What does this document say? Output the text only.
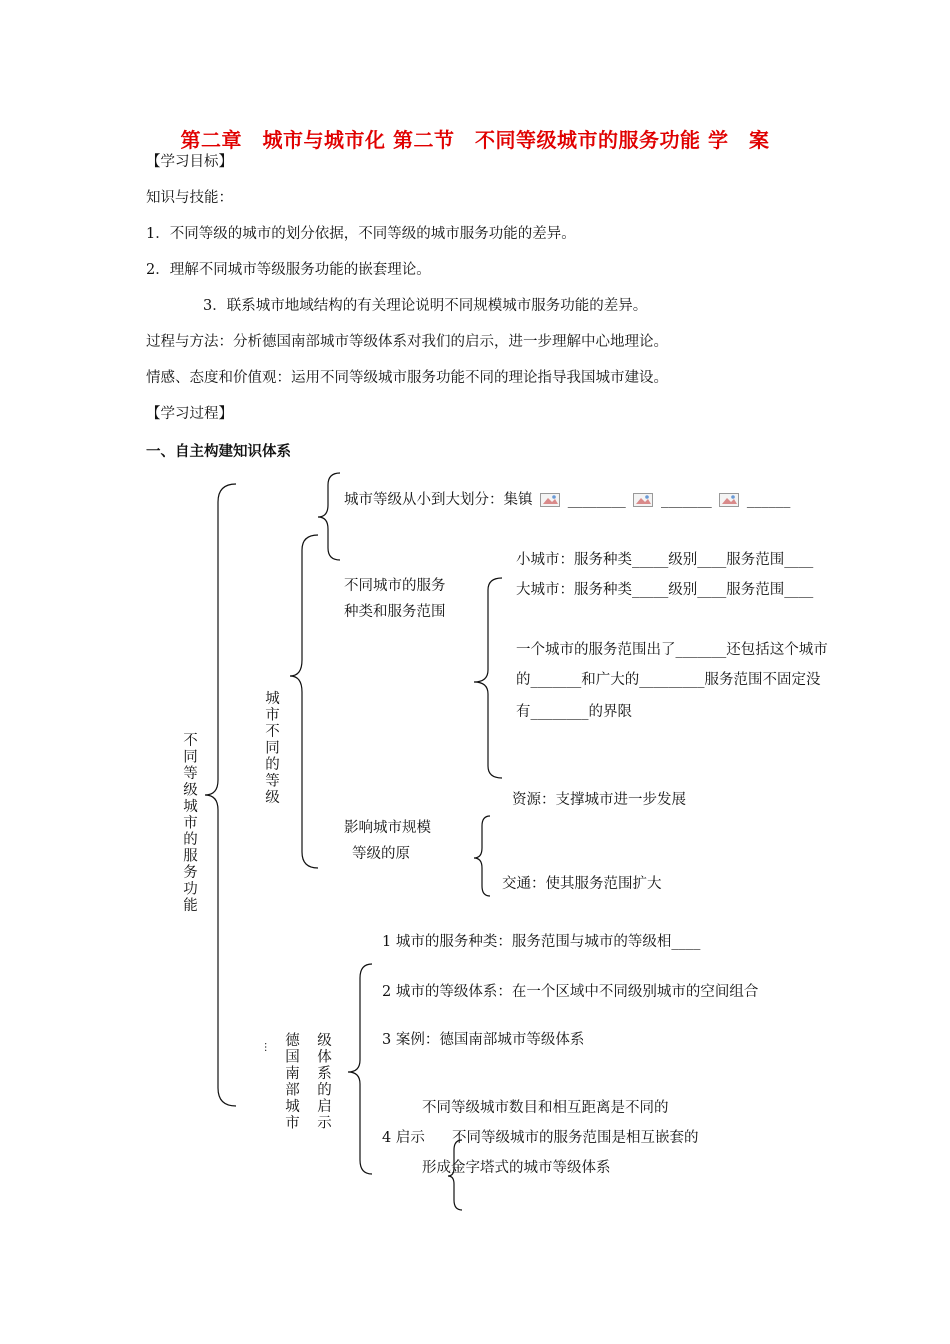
第二章　城市与城市化 第二节　不同等级城市的服务功能 学　案
【学习目标】
知识与技能：
1．不同等级的城市的划分依据，不同等级的城市服务功能的差异。
2．理解不同城市等级服务功能的嵌套理论。
3．联系城市地域结构的有关理论说明不同规模城市服务功能的差异。
过程与方法：分析德国南部城市等级体系对我们的启示，进一步理解中心地理论。
情感、态度和价值观：运用不同等级城市服务功能不同的理论指导我国城市建设。
【学习过程】
一、自主构建知识体系
不同等级城市的服务功能	城市不同的等级
城市等级从小到大划分：集镇 ________ _______ ______
不同城市的服务
种类和服务范围
小城市：服务种类_____级别____服务范围____
大城市：服务种类_____级别____服务范围____
一个城市的服务范围出了_______还包括这个城市
的_______和广大的_________服务范围不固定没
有________的界限
影响城市规模
等级的原
资源：支撑城市进一步发展
交通：使其服务范围扩大
1 城市的服务种类：服务范围与城市的等级相____
2 城市的等级体系：在一个区域中不同级别城市的空间组合
3 案例：德国南部城市等级体系
不同等级城市数目和相互距离是不同的
4 启示 不同等级城市的服务范围是相互嵌套的
形成金字塔式的城市等级体系
… 德国南部城市 级体系的启示
